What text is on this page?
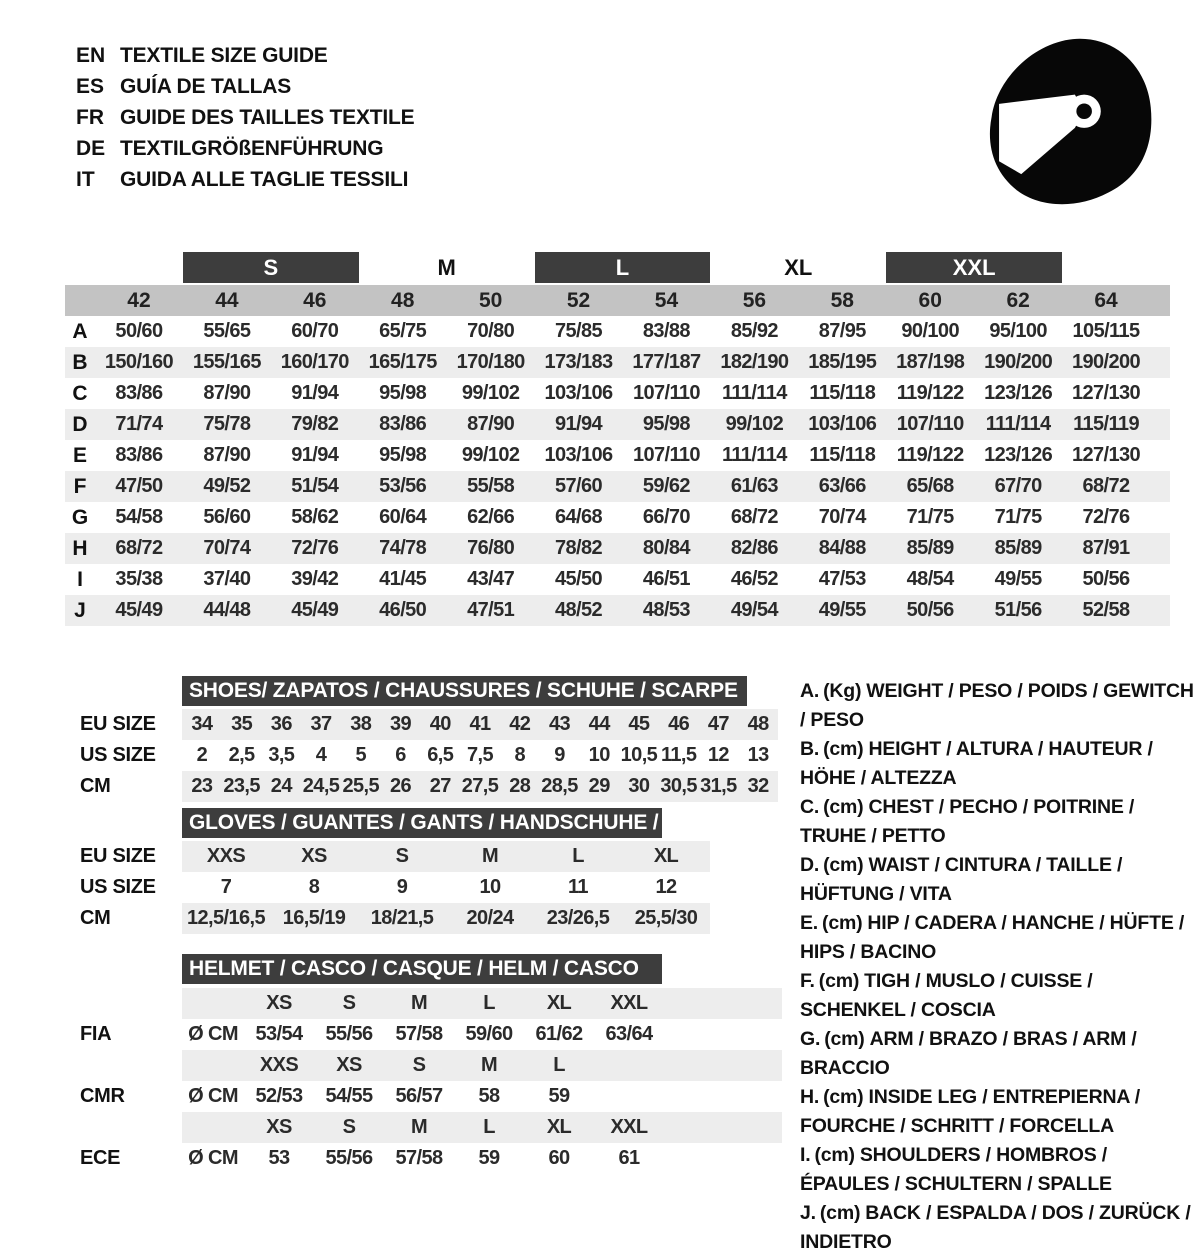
EN TEXTILE SIZE GUIDE
ES GUÍA DE TALLAS
FR GUIDE DES TAILLES TEXTILE
DE TEXTILGRÖßENFÜHRUNG
IT	GUIDA ALLE TAGLIE TESSILI
S	M	L	XL	XXL
42	44	46	48	50	52	54	56	58	60	62	64
A	50/60	55/65	60/70	65/75	70/80	75/85	83/88	85/92	87/95	90/100	95/100	105/115
B 150/160 155/165 160/170 165/175 170/180 173/183 177/187 182/190 185/195 187/198 190/200 190/200
C	83/86	87/90	91/94	95/98	99/102	103/106	107/110	111/114	115/118	119/122	123/126 127/130
D	71/74	75/78	79/82	83/86	87/90	91/94	95/98	99/102	103/106	107/110	111/114	115/119
E	83/86	87/90	91/94	95/98	99/102	103/106	107/110	111/114	115/118	119/122	123/126 127/130
F	47/50	49/52	51/54	53/56	55/58	57/60	59/62	61/63	63/66	65/68	67/70	68/72
G	54/58	56/60	58/62	60/64	62/66	64/68	66/70	68/72	70/74	71/75	71/75	72/76
H	68/72	70/74	72/76	74/78	76/80	78/82	80/84	82/86	84/88	85/89	85/89	87/91
I	35/38	37/40	39/42	41/45	43/47	45/50	46/51	46/52	47/53	48/54	49/55	50/56
J	45/49	44/48	45/49	46/50	47/51	48/52	48/53	49/54	49/55	50/56	51/56	52/58
SHOES/ ZAPATOS / CHAUSSURES / SCHUHE / SCARPE
EU SIZE	34 35 36 37 38 39 40 41 42 43 44 45 46 47 48
US SIZE	2	2,5 3,5	4	5	6	6,5 7,5	8	9	10 10,5 11,5 12 13
CM	23 23,5 24 24,5 25,5 26 27 27,5 28 28,5 29 30 30,5 31,5 32
GLOVES / GUANTES / GANTS / HANDSCHUHE / GUANTI
EU SIZE	XXS	XS	S	M	L	XL
US SIZE	7	8	9	10	11	12
CM	12,5/16,5 16,5/19	18/21,5	20/24	23/26,5	25,5/30
HELMET / CASCO / CASQUE / HELM / CASCO
XS	S	M	L	XL	XXL
FIA	Ø CM 53/54	55/56	57/58	59/60	61/62	63/64
XXS	XS	S	M	L
CMR	Ø CM 52/53	54/55	56/57	58	59
XS	S	M	L	XL	XXL
ECE	Ø CM	53	55/56	57/58	59	60	61
A. (Kg) WEIGHT / PESO / POIDS / GEWITCH / PESO
B. (cm) HEIGHT / ALTURA / HAUTEUR / HÖHE / ALTEZZA
C. (cm) CHEST / PECHO / POITRINE / TRUHE / PETTO
D. (cm) WAIST / CINTURA / TAILLE / HÜFTUNG / VITA
E. (cm) HIP / CADERA / HANCHE / HÜFTE / HIPS / BACINO
F. (cm) TIGH / MUSLO / CUISSE / SCHENKEL / COSCIA
G. (cm) ARM / BRAZO / BRAS / ARM / BRACCIO
H. (cm) INSIDE LEG / ENTREPIERNA / FOURCHE / SCHRITT / FORCELLA
I. (cm) SHOULDERS / HOMBROS / ÉPAULES / SCHULTERN / SPALLE
J. (cm) BACK / ESPALDA / DOS / ZURÜCK / INDIETRO
